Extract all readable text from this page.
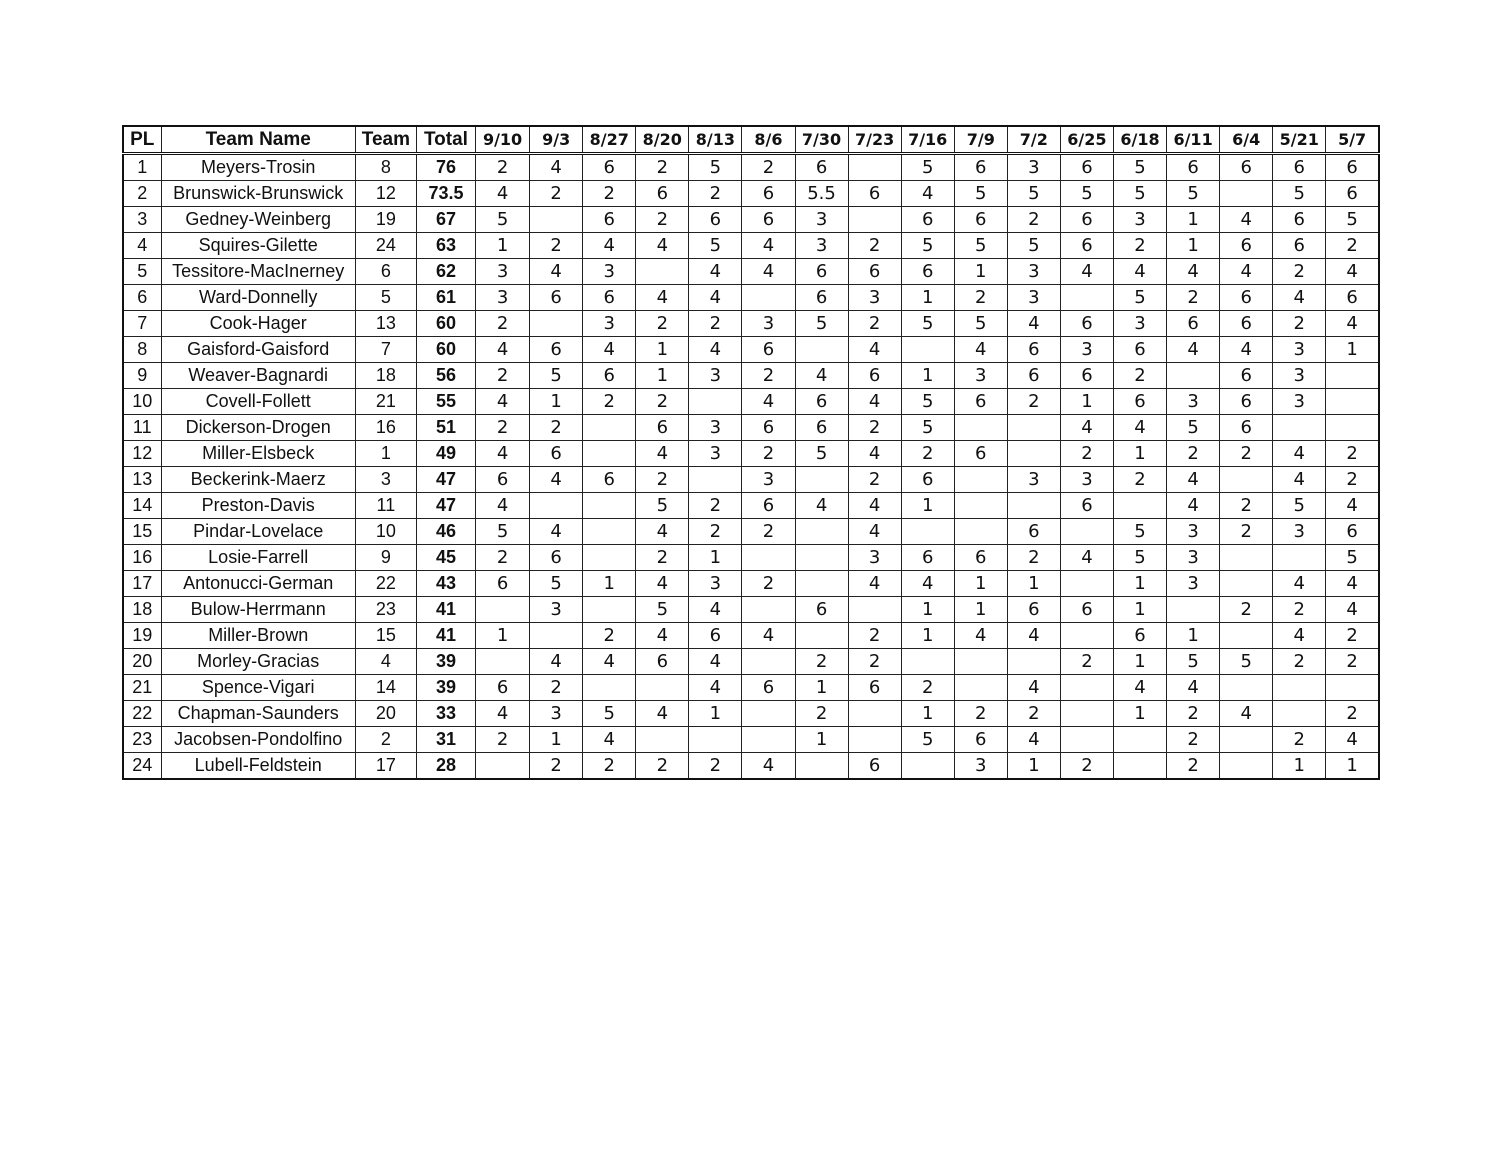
PL	Team Name	Team	Total	9/10	9/3	8/27	8/20	8/13	8/6	7/30	7/23	7/16	7/9	7/2	6/25	6/18	6/11	6/4	5/21	5/7
1	Meyers-Trosin	8	76	2	4	6	2	5	2	6		5	6	3	6	5	6	6	6	6
2	Brunswick-Brunswick	12	73.5	4	2	2	6	2	6	5.5	6	4	5	5	5	5	5		5	6
3	Gedney-Weinberg	19	67	5		6	2	6	6	3		6	6	2	6	3	1	4	6	5
4	Squires-Gilette	24	63	1	2	4	4	5	4	3	2	5	5	5	6	2	1	6	6	2
5	Tessitore-MacInerney	6	62	3	4	3		4	4	6	6	6	1	3	4	4	4	4	2	4
6	Ward-Donnelly	5	61	3	6	6	4	4		6	3	1	2	3		5	2	6	4	6
7	Cook-Hager	13	60	2		3	2	2	3	5	2	5	5	4	6	3	6	6	2	4
8	Gaisford-Gaisford	7	60	4	6	4	1	4	6		4		4	6	3	6	4	4	3	1
9	Weaver-Bagnardi	18	56	2	5	6	1	3	2	4	6	1	3	6	6	2		6	3	
10	Covell-Follett	21	55	4	1	2	2		4	6	4	5	6	2	1	6	3	6	3	
11	Dickerson-Drogen	16	51	2	2		6	3	6	6	2	5			4	4	5	6		
12	Miller-Elsbeck	1	49	4	6		4	3	2	5	4	2	6		2	1	2	2	4	2
13	Beckerink-Maerz	3	47	6	4	6	2		3		2	6		3	3	2	4		4	2
14	Preston-Davis	11	47	4			5	2	6	4	4	1			6		4	2	5	4
15	Pindar-Lovelace	10	46	5	4		4	2	2		4			6		5	3	2	3	6
16	Losie-Farrell	9	45	2	6		2	1			3	6	6	2	4	5	3			5
17	Antonucci-German	22	43	6	5	1	4	3	2		4	4	1	1		1	3		4	4
18	Bulow-Herrmann	23	41		3		5	4		6		1	1	6	6	1		2	2	4
19	Miller-Brown	15	41	1		2	4	6	4		2	1	4	4		6	1		4	2
20	Morley-Gracias	4	39		4	4	6	4		2	2				2	1	5	5	2	2
21	Spence-Vigari	14	39	6	2			4	6	1	6	2		4		4	4			
22	Chapman-Saunders	20	33	4	3	5	4	1		2		1	2	2		1	2	4		2
23	Jacobsen-Pondolfino	2	31	2	1	4				1		5	6	4			2		2	4
24	Lubell-Feldstein	17	28		2	2	2	2	4		6		3	1	2		2		1	1
